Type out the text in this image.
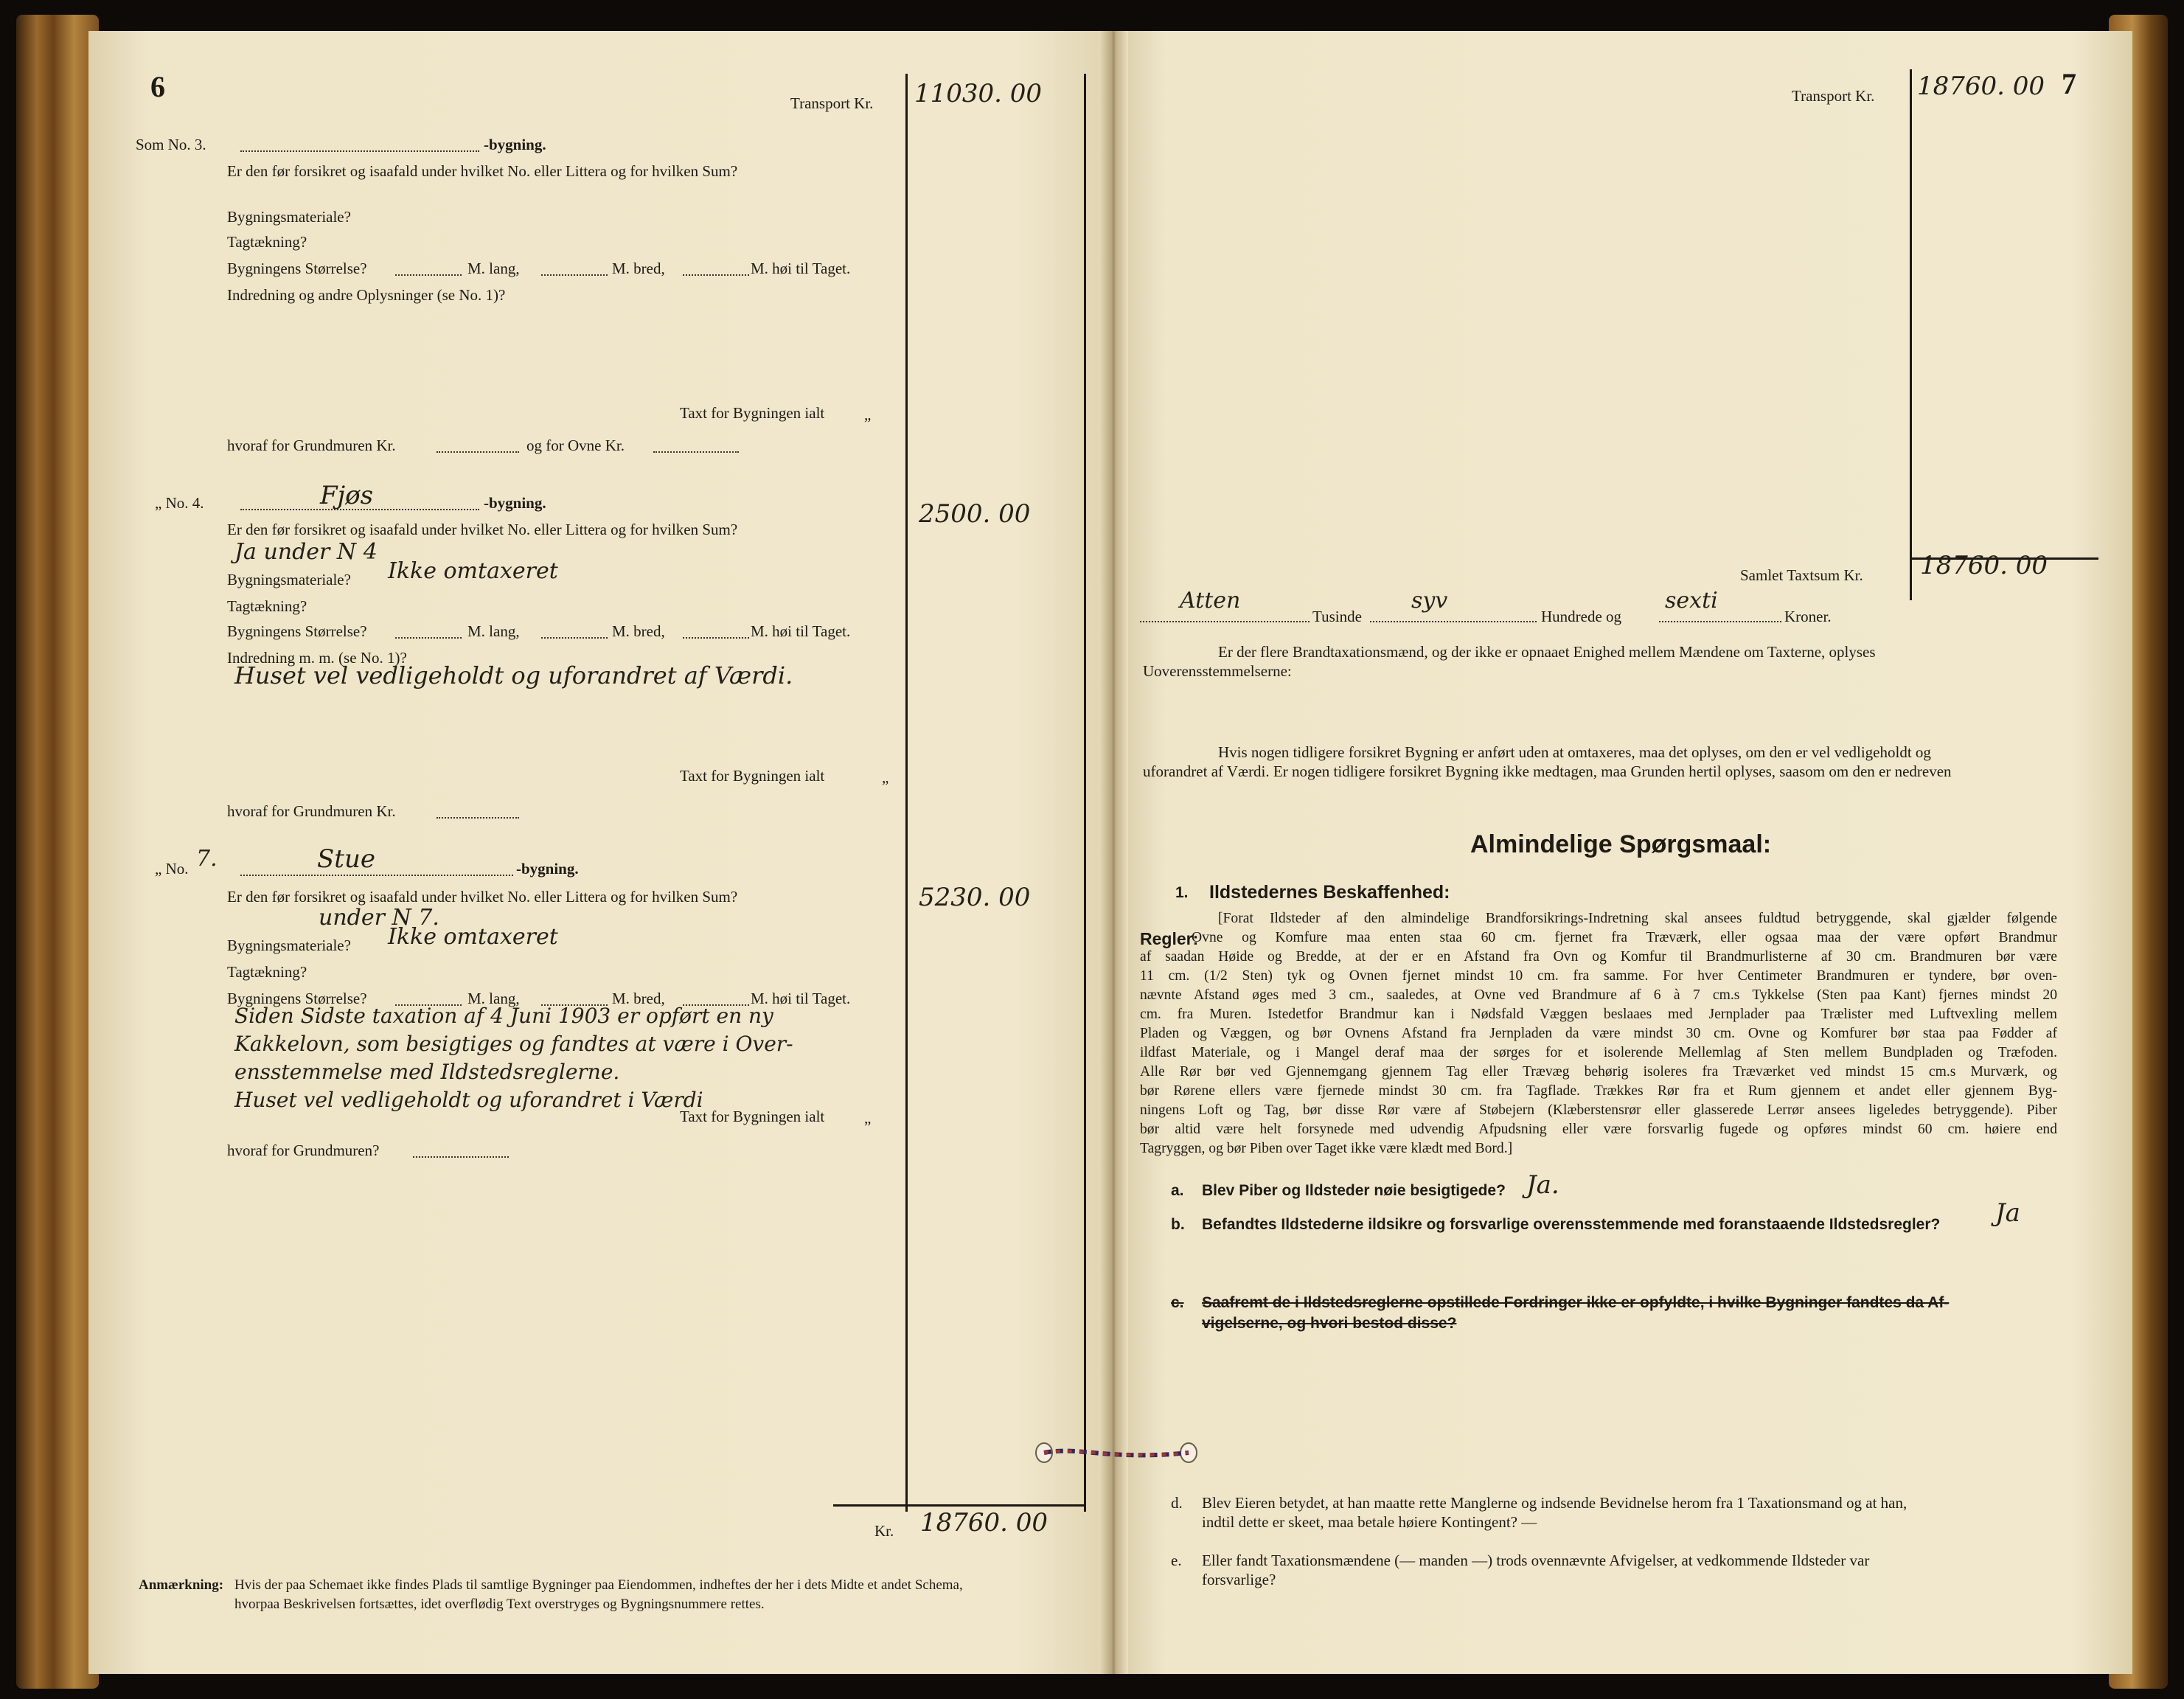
6	Transport Kr. 11030. 00
Som No. 3.	-bygning.
Er den før forsikret og isaafald under hvilket No. eller Littera og for hvilken Sum?
Bygningsmateriale?
Tagtækning?
Bygningens Størrelse?	M. lang,	M. bred,	M. høi til Taget.
Indredning og andre Oplysninger (se No. 1)?
Taxt for Bygningen ialt	„
hvoraf for Grundmuren Kr.	og for Ovne Kr.
„ No. 4.	Fjøs	-bygning.	2500. 00
Er den før forsikret og isaafald under hvilket No. eller Littera og for hvilken Sum?
Ja under N 4
Bygningsmateriale? Ikke omtaxeret
Tagtækning?
Bygningens Størrelse?	M. lang,	M. bred,	M. høi til Taget.
Indredning m. m. (se No. 1)?
Huset vel vedligeholdt og uforandret af Værdi.
Taxt for Bygningen ialt	„
hvoraf for Grundmuren Kr.
„ No. 7.	Stue	-bygning.
Er den før forsikret og isaafald under hvilket No. eller Littera og for hvilken Sum?	5230. 00
under N 7.
Bygningsmateriale? Ikke omtaxeret
Tagtækning?
Bygningens Størrelse?	M. lang,	M. bred,	M. høi til Taget.
Siden Sidste taxation af 4 Juni 1903 er opført en ny
Kakkelovn, som besigtiges og fandtes at være i Over-
ensstemmelse med Ildstedsreglerne.
Huset vel vedligeholdt og uforandret i Værdi
Taxt for Bygningen ialt	„
hvoraf for Grundmuren?
Kr. 18760. 00
Anmærkning: Hvis der paa Schemaet ikke findes Plads til samtlige Bygninger paa Eiendommen, indheftes der her i dets Midte et andet Schema,
hvorpaa Beskrivelsen fortsættes, idet overflødig Text overstryges og Bygningsnummere rettes.
Transport Kr. 18760. 00 7
Samlet Taxtsum Kr. 18760. 00
Atten
Tusinde
syv
Hundrede og
sexti
Kroner.
Er der flere Brandtaxationsmænd, og der ikke er opnaaet Enighed mellem Mændene om Taxterne, oplyses
Uoverensstemmelserne:
Hvis nogen tidligere forsikret Bygning er anført uden at omtaxeres, maa det oplyses, om den er vel vedligeholdt og
uforandret af Værdi. Er nogen tidligere forsikret Bygning ikke medtagen, maa Grunden hertil oplyses, saasom om den er nedreven
Almindelige Spørgsmaal:
1. Ildstedernes Beskaffenhed:
Regler:
[Forat Ildsteder af den almindelige Brandforsikrings-Indretning skal ansees fuldtud betryggende, skal gjælder følgende
Ovne og Komfure maa enten staa 60 cm. fjernet fra Træværk, eller ogsaa maa der være opført Brandmur
af saadan Høide og Bredde, at der er en Afstand fra Ovn og Komfur til Brandmurlisterne af 30 cm. Brandmuren bør være
11 cm. (1/2 Sten) tyk og Ovnen fjernet mindst 10 cm. fra samme. For hver Centimeter Brandmuren er tyndere, bør oven-
nævnte Afstand øges med 3 cm., saaledes, at Ovne ved Brandmure af 6 à 7 cm.s Tykkelse (Sten paa Kant) fjernes mindst 20
cm. fra Muren. Istedetfor Brandmur kan i Nødsfald Væggen beslaaes med Jernplader paa Trælister med Luftvexling mellem
Pladen og Væggen, og bør Ovnens Afstand fra Jernpladen da være mindst 30 cm. Ovne og Komfurer bør staa paa Fødder af
ildfast Materiale, og i Mangel deraf maa der sørges for et isolerende Mellemlag af Sten mellem Bundpladen og Træfoden.
Alle Rør bør ved Gjennemgang gjennem Tag eller Trævæg behørig isoleres fra Træværket ved mindst 15 cm.s Murværk, og
bør Rørene ellers være fjernede mindst 30 cm. fra Tagflade. Trækkes Rør fra et Rum gjennem et andet eller gjennem Byg-
ningens Loft og Tag, bør disse Rør være af Støbejern (Klæberstensrør eller glasserede Lerrør ansees ligeledes betryggende). Piber
bør altid være helt forsynede med udvendig Afpudsning eller være forsvarlig fugede og opføres mindst 60 cm. høiere end
Tagryggen, og bør Piben over Taget ikke være klædt med Bord.]
a. Blev Piber og Ildsteder nøie besigtigede? Ja.
b. Befandtes Ildstederne ildsikre og forsvarlige overensstemmende med foranstaaende Ildstedsregler? Ja
c. Saafremt de i Ildstedsreglerne opstillede Fordringer ikke er opfyldte, i hvilke Bygninger fandtes da Af-
vigelserne, og hvori bestod disse?
d. Blev Eieren betydet, at han maatte rette Manglerne og indsende Bevidnelse herom fra 1 Taxationsmand og at han,
indtil dette er skeet, maa betale høiere Kontingent? —
e. Eller fandt Taxationsmændene (— manden —) trods ovennævnte Afvigelser, at vedkommende Ildsteder var
forsvarlige?
